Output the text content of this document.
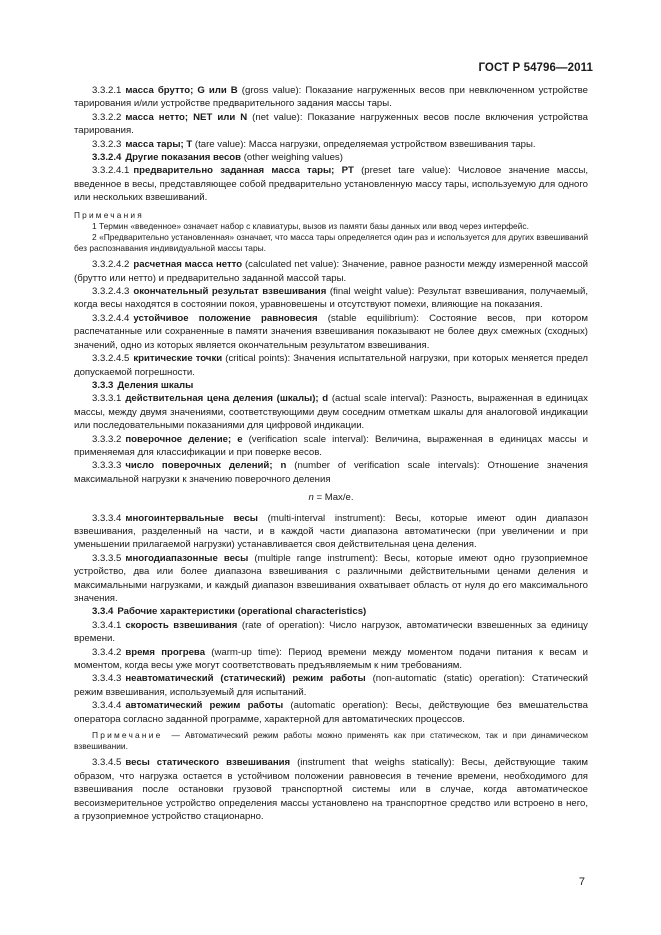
ГОСТ Р 54796—2011

3.3.2.1 масса брутто; G или B (gross value): Показание нагруженных весов при невключенном устройстве тарирования и/или устройстве предварительного задания массы тары.

3.3.2.2 масса нетто; NET или N (net value): Показание нагруженных весов после включения устройства тарирования.

3.3.2.3 масса тары; T (tare value): Масса нагрузки, определяемая устройством взвешивания тары.

3.3.2.4 Другие показания весов (other weighing values)

3.3.2.4.1 предварительно заданная масса тары; PT (preset tare value): Числовое значение массы, введенное в весы, представляющее собой предварительно установленную массу тары, используемую для одного или нескольких взвешиваний.

Примечания

1 Термин «введенное» означает набор с клавиатуры, вызов из памяти базы данных или ввод через интерфейс.

2 «Предварительно установленная» означает, что масса тары определяется один раз и используется для других взвешиваний без распознавания индивидуальной массы тары.

3.3.2.4.2 расчетная масса нетто (calculated net value): Значение, равное разности между измеренной массой (брутто или нетто) и предварительно заданной массой тары.

3.3.2.4.3 окончательный результат взвешивания (final weight value): Результат взвешивания, получаемый, когда весы находятся в состоянии покоя, уравновешены и отсутствуют помехи, влияющие на показания.

3.3.2.4.4 устойчивое положение равновесия (stable equilibrium): Состояние весов, при котором распечатанные или сохраненные в памяти значения взвешивания показывают не более двух смежных (сходных) значений, одно из которых является окончательным результатом взвешивания.

3.3.2.4.5 критические точки (critical points): Значения испытательной нагрузки, при которых меняется предел допускаемой погрешности.

3.3.3 Деления шкалы

3.3.3.1 действительная цена деления (шкалы); d (actual scale interval): Разность, выраженная в единицах массы, между двумя значениями, соответствующими двум соседним отметкам шкалы для аналоговой индикации или последовательными показаниями для цифровой индикации.

3.3.3.2 поверочное деление; e (verification scale interval): Величина, выраженная в единицах массы и применяемая для классификации и при поверке весов.

3.3.3.3 число поверочных делений; n (number of verification scale intervals): Отношение значения максимальной нагрузки к значению поверочного деления

n = Max/e.

3.3.3.4 многоинтервальные весы (multi-interval instrument): Весы, которые имеют один диапазон взвешивания, разделенный на части, и в каждой части диапазона автоматически (при увеличении и при уменьшении прилагаемой нагрузки) устанавливается своя действительная цена деления.

3.3.3.5 многодиапазонные весы (multiple range instrument): Весы, которые имеют одно грузоприемное устройство, два или более диапазона взвешивания с различными действительными ценами деления и максимальными нагрузками, и каждый диапазон взвешивания охватывает область от нуля до его максимального значения.

3.3.4 Рабочие характеристики (operational characteristics)

3.3.4.1 скорость взвешивания (rate of operation): Число нагрузок, автоматически взвешенных за единицу времени.

3.3.4.2 время прогрева (warm-up time): Период времени между моментом подачи питания к весам и моментом, когда весы уже могут соответствовать предъявляемым к ним требованиям.

3.3.4.3 неавтоматический (статический) режим работы (non-automatic (static) operation): Статический режим взвешивания, используемый для испытаний.

3.3.4.4 автоматический режим работы (automatic operation): Весы, действующие без вмешательства оператора согласно заданной программе, характерной для автоматических процессов.

Примечание — Автоматический режим работы можно применять как при статическом, так и при динамическом взвешивании.

3.3.4.5 весы статического взвешивания (instrument that weighs statically): Весы, действующие таким образом, что нагрузка остается в устойчивом положении равновесия в течение времени, необходимого для взвешивания после остановки грузовой транспортной системы или в случае, когда автоматическое весоизмерительное устройство определения массы установлено на транспортное средство или встроено в него, а грузоприемное устройство стационарно.

7
